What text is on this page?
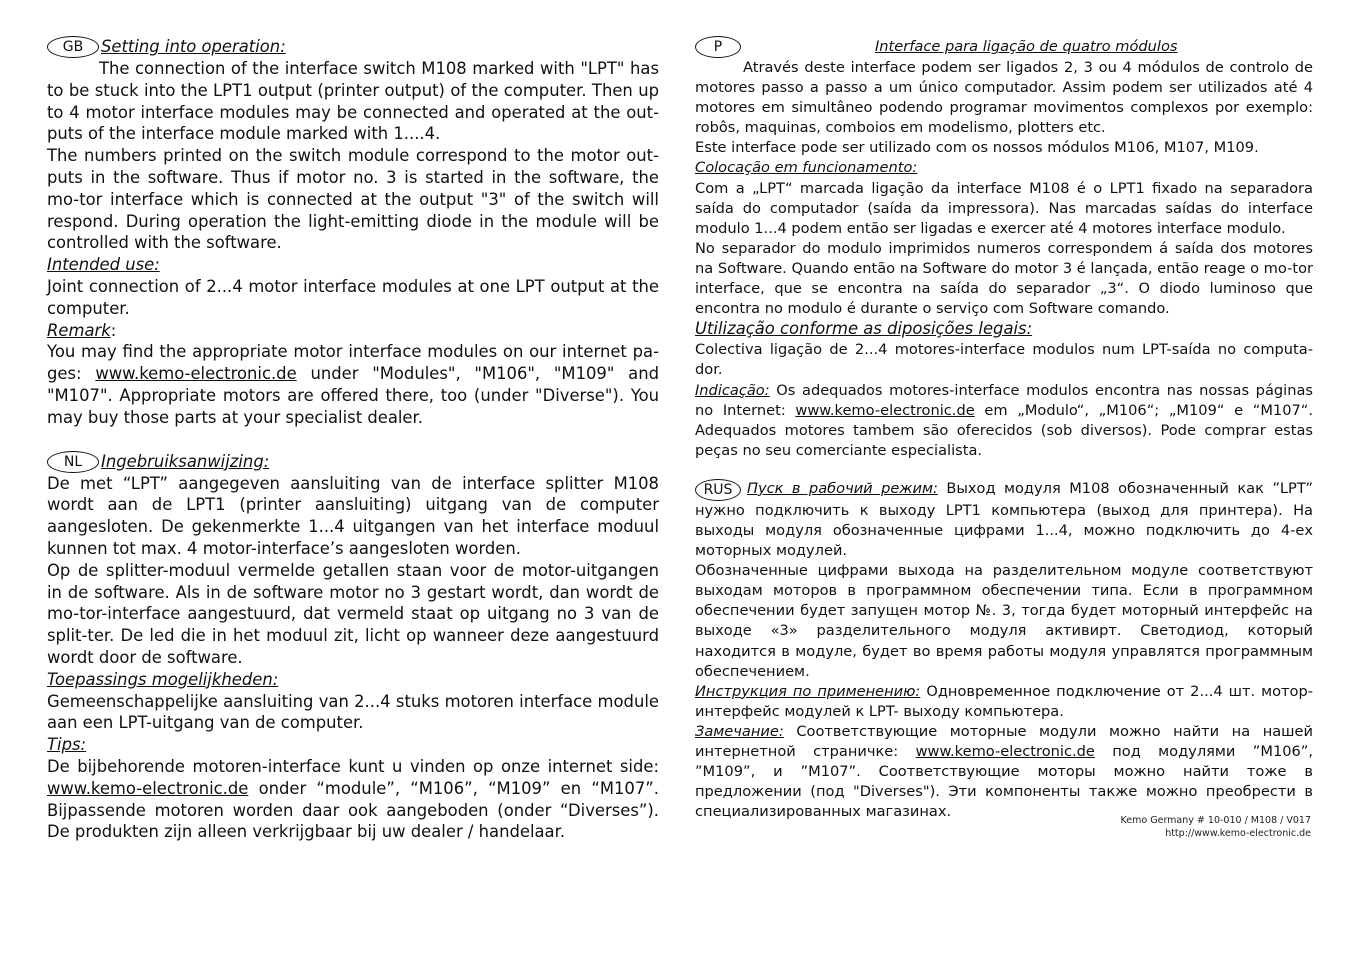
GB Setting into operation:

The connection of the interface switch M108 marked with "LPT" has to be stuck into the LPT1 output (printer output) of the computer. Then up to 4 motor interface modules may be connected and operated at the out-puts of the interface module marked with 1....4.

The numbers printed on the switch module correspond to the motor out-puts in the software. Thus if motor no. 3 is started in the software, the mo-tor interface which is connected at the output "3" of the switch will respond. During operation the light-emitting diode in the module will be controlled with the software.

Intended use:

Joint connection of 2...4 motor interface modules at one LPT output at the computer.

Remark:

You may find the appropriate motor interface modules on our internet pa-ges: www.kemo-electronic.de under "Modules", "M106", "M109" and "M107". Appropriate motors are offered there, too (under "Diverse"). You may buy those parts at your specialist dealer.

NL Ingebruiksanwijzing:

De met “LPT” aangegeven aansluiting van de interface splitter M108 wordt aan de LPT1 (printer aansluiting) uitgang van de computer aangesloten. De gekenmerkte 1...4 uitgangen van het interface moduul kunnen tot max. 4 motor-interface’s aangesloten worden.

Op de splitter-moduul vermelde getallen staan voor de motor-uitgangen in de software. Als in de software motor no 3 gestart wordt, dan wordt de mo-tor-interface aangestuurd, dat vermeld staat op uitgang no 3 van de split-ter. De led die in het moduul zit, licht op wanneer deze aangestuurd wordt door de software.

Toepassings mogelijkheden:

Gemeenschappelijke aansluiting van 2...4 stuks motoren interface module aan een LPT-uitgang van de computer.

Tips:

De bijbehorende motoren-interface kunt u vinden op onze internet side: www.kemo-electronic.de onder “module”, “M106”, “M109” en “M107”. Bijpassende motoren worden daar ook aangeboden (onder “Diverses”). De produkten zijn alleen verkrijgbaar bij uw dealer / handelaar.

P	Interface para ligação de quatro módulos

Através deste interface podem ser ligados 2, 3 ou 4 módulos de controlo de motores passo a passo a um único computador. Assim podem ser utilizados até 4 motores em simultâneo podendo programar movimentos complexos por exemplo: robôs, maquinas, comboios em modelismo, plotters etc.

Este interface pode ser utilizado com os nossos módulos M106, M107, M109.

Colocação em funcionamento:

Com a „LPT“ marcada ligação da interface M108 é o LPT1 fixado na separadora saída do computador (saída da impressora). Nas marcadas saídas do interface modulo 1...4 podem então ser ligadas e exercer até 4 motores interface modulo.

No separador do modulo imprimidos numeros correspondem á saída dos motores na Software. Quando então na Software do motor 3 é lançada, então reage o mo-tor interface, que se encontra na saída do separador „3“. O diodo luminoso que encontra no modulo é durante o serviço com Software comando.

Utilização conforme as diposições legais:

Colectiva ligação de 2...4 motores-interface modulos num LPT-saída no computa-dor.

Indicação: Os adequados motores-interface modulos encontra nas nossas páginas no Internet: www.kemo-electronic.de em „Modulo“, „M106“; „M109“ e “M107“. Adequados motores tambem são oferecidos (sob diversos). Pode comprar estas peças no seu comerciante especialista.

RUS Пуск в рабочий режим: Выход модуля M108 обозначенный как ”LPT” нужно подключить к выходу LPT1 компьютера (выход для принтера). На выходы модуля обозначенные цифрами 1...4, можно подключить до 4-ех моторных модулей.

Обозначенные цифрами выхода на разделительном модуле соответствуют выходам моторов в программном обеспечении типа. Если в программном обеспечении будет запущен мотор №. 3, тогда будет моторный интерфейс на выходе «3» разделительного модуля активирт. Светодиод, который находится в модуле, будет во время работы модуля управлятся программным обеспечением.

Инструкция по применению: Одновременное подключение от 2...4 шт. мотор-интерфейс модулей к LPT- выходу компьютера.

Замечание: Соответствующие моторные модули можно найти на нашей интернетной страничке: www.kemo-electronic.de под модулями ”M106”, ”M109”, и ”M107”. Соответствующие моторы можно найти тоже в предложении (под "Diverses"). Эти компоненты также можно преобрести в специализированных магазинах.

Kemo Germany # 10-010 / M108 / V017
http://www.kemo-electronic.de
